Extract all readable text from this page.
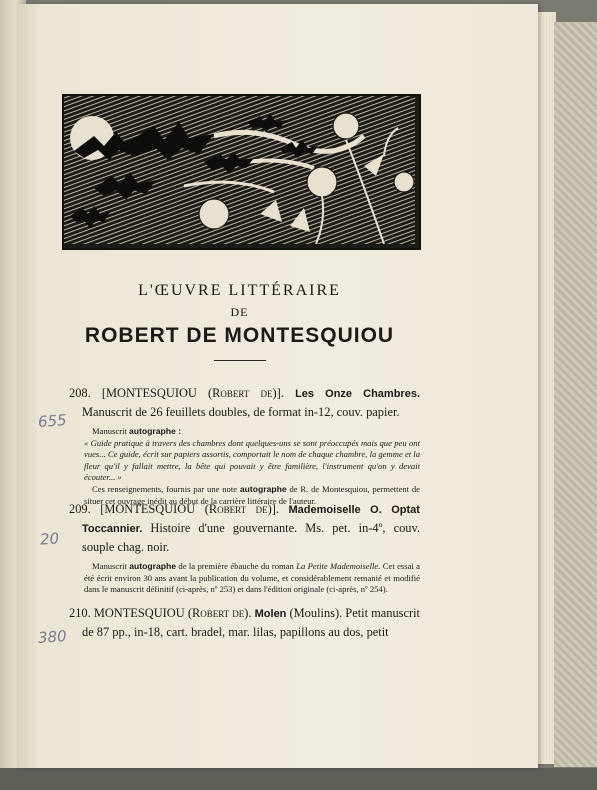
L'ŒUVRE LITTÉRAIRE
DE
ROBERT DE MONTESQUIOU
208. [MONTESQUIOU (Robert de)]. Les Onze Chambres. Manuscrit de 26 feuillets doubles, de format in-12, couv. papier.
Manuscrit autographe :
« Guide pratique à travers des chambres dont quelques-uns se sont préoccupés mais que peu ont vues... Ce guide, écrit sur papiers assortis, comportait le nom de chaque chambre, la gemme et la fleur qu'il y fallait mettre, la bête qui pouvait y être familière, l'instrument qu'on y devait écouter... »
Ces renseignements, fournis par une note autographe de R. de Montesquiou, permettent de situer cet ouvrage inédit au début de la carrière littéraire de l'auteur.
209. [MONTESQUIOU (Robert de)]. Mademoiselle O. Optat Toccannier. Histoire d'une gouvernante. Ms. pet. in-4º, couv. souple chag. noir.
Manuscrit autographe de la première ébauche du roman La Petite Mademoiselle. Cet essai a été écrit environ 30 ans avant la publication du volume, et considérablement remanié et modifié dans le manuscrit définitif (ci-après, nº 253) et dans l'édition originale (ci-après, nº 254).
210. MONTESQUIOU (Robert de). Molen (Moulins). Petit manuscrit de 87 pp., in-18, cart. bradel, mar. lilas, papillons au dos, petit
655
20
380
